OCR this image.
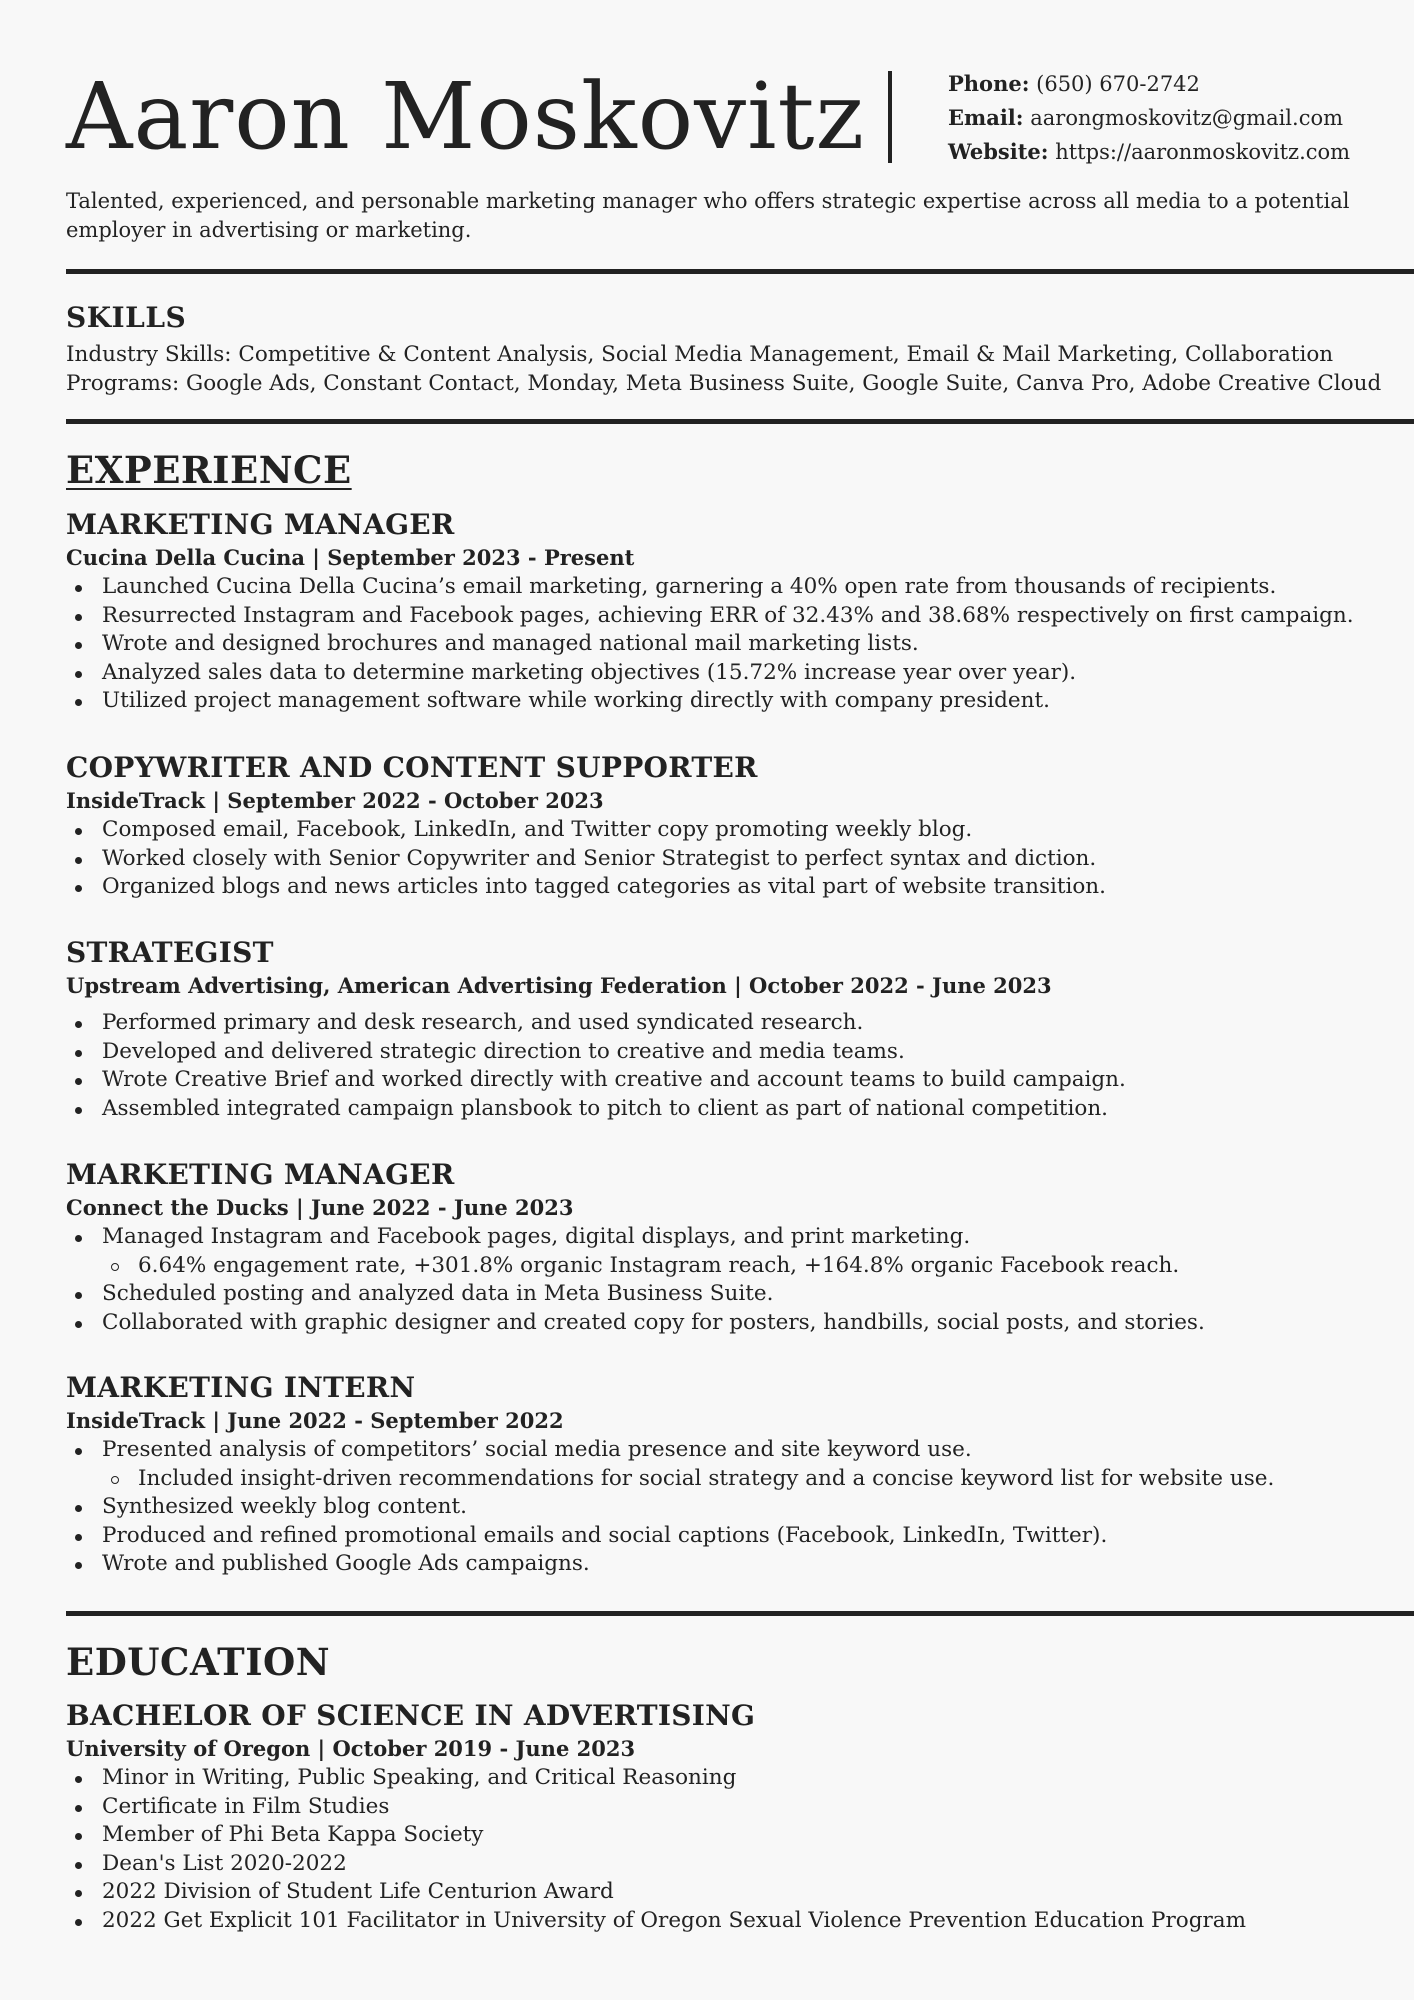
Aaron Moskovitz	Phone: (650) 670-2742
Email: aarongmoskovitz@gmail.com
Website: https://aaronmoskovitz.com

Talented, experienced, and personable marketing manager who offers strategic expertise across all media to a potential employer in advertising or marketing.

SKILLS
Industry Skills: Competitive & Content Analysis, Social Media Management, Email & Mail Marketing, Collaboration
Programs: Google Ads, Constant Contact, Monday, Meta Business Suite, Google Suite, Canva Pro, Adobe Creative Cloud
EXPERIENCE
MARKETING MANAGER
Cucina Della Cucina | September 2023 - Present
Launched Cucina Della Cucina’s email marketing, garnering a 40% open rate from thousands of recipients.
Resurrected Instagram and Facebook pages, achieving ERR of 32.43% and 38.68% respectively on first campaign.
Wrote and designed brochures and managed national mail marketing lists.
Analyzed sales data to determine marketing objectives (15.72% increase year over year).
Utilized project management software while working directly with company president.
COPYWRITER AND CONTENT SUPPORTER
InsideTrack | September 2022 - October 2023
Composed email, Facebook, LinkedIn, and Twitter copy promoting weekly blog.
Worked closely with Senior Copywriter and Senior Strategist to perfect syntax and diction.
Organized blogs and news articles into tagged categories as vital part of website transition.
STRATEGIST
Upstream Advertising, American Advertising Federation | October 2022 - June 2023
Performed primary and desk research, and used syndicated research.
Developed and delivered strategic direction to creative and media teams.
Wrote Creative Brief and worked directly with creative and account teams to build campaign.
Assembled integrated campaign plansbook to pitch to client as part of national competition.
MARKETING MANAGER
Connect the Ducks | June 2022 - June 2023
Managed Instagram and Facebook pages, digital displays, and print marketing.
6.64% engagement rate, +301.8% organic Instagram reach, +164.8% organic Facebook reach.
Scheduled posting and analyzed data in Meta Business Suite.
Collaborated with graphic designer and created copy for posters, handbills, social posts, and stories.
MARKETING INTERN
InsideTrack | June 2022 - September 2022
Presented analysis of competitors’ social media presence and site keyword use.
Included insight-driven recommendations for social strategy and a concise keyword list for website use.
Synthesized weekly blog content.
Produced and refined promotional emails and social captions (Facebook, LinkedIn, Twitter).
Wrote and published Google Ads campaigns.
EDUCATION
BACHELOR OF SCIENCE IN ADVERTISING
University of Oregon | October 2019 - June 2023
Minor in Writing, Public Speaking, and Critical Reasoning
Certificate in Film Studies
Member of Phi Beta Kappa Society
Dean's List 2020-2022
2022 Division of Student Life Centurion Award
2022 Get Explicit 101 Facilitator in University of Oregon Sexual Violence Prevention Education Program
